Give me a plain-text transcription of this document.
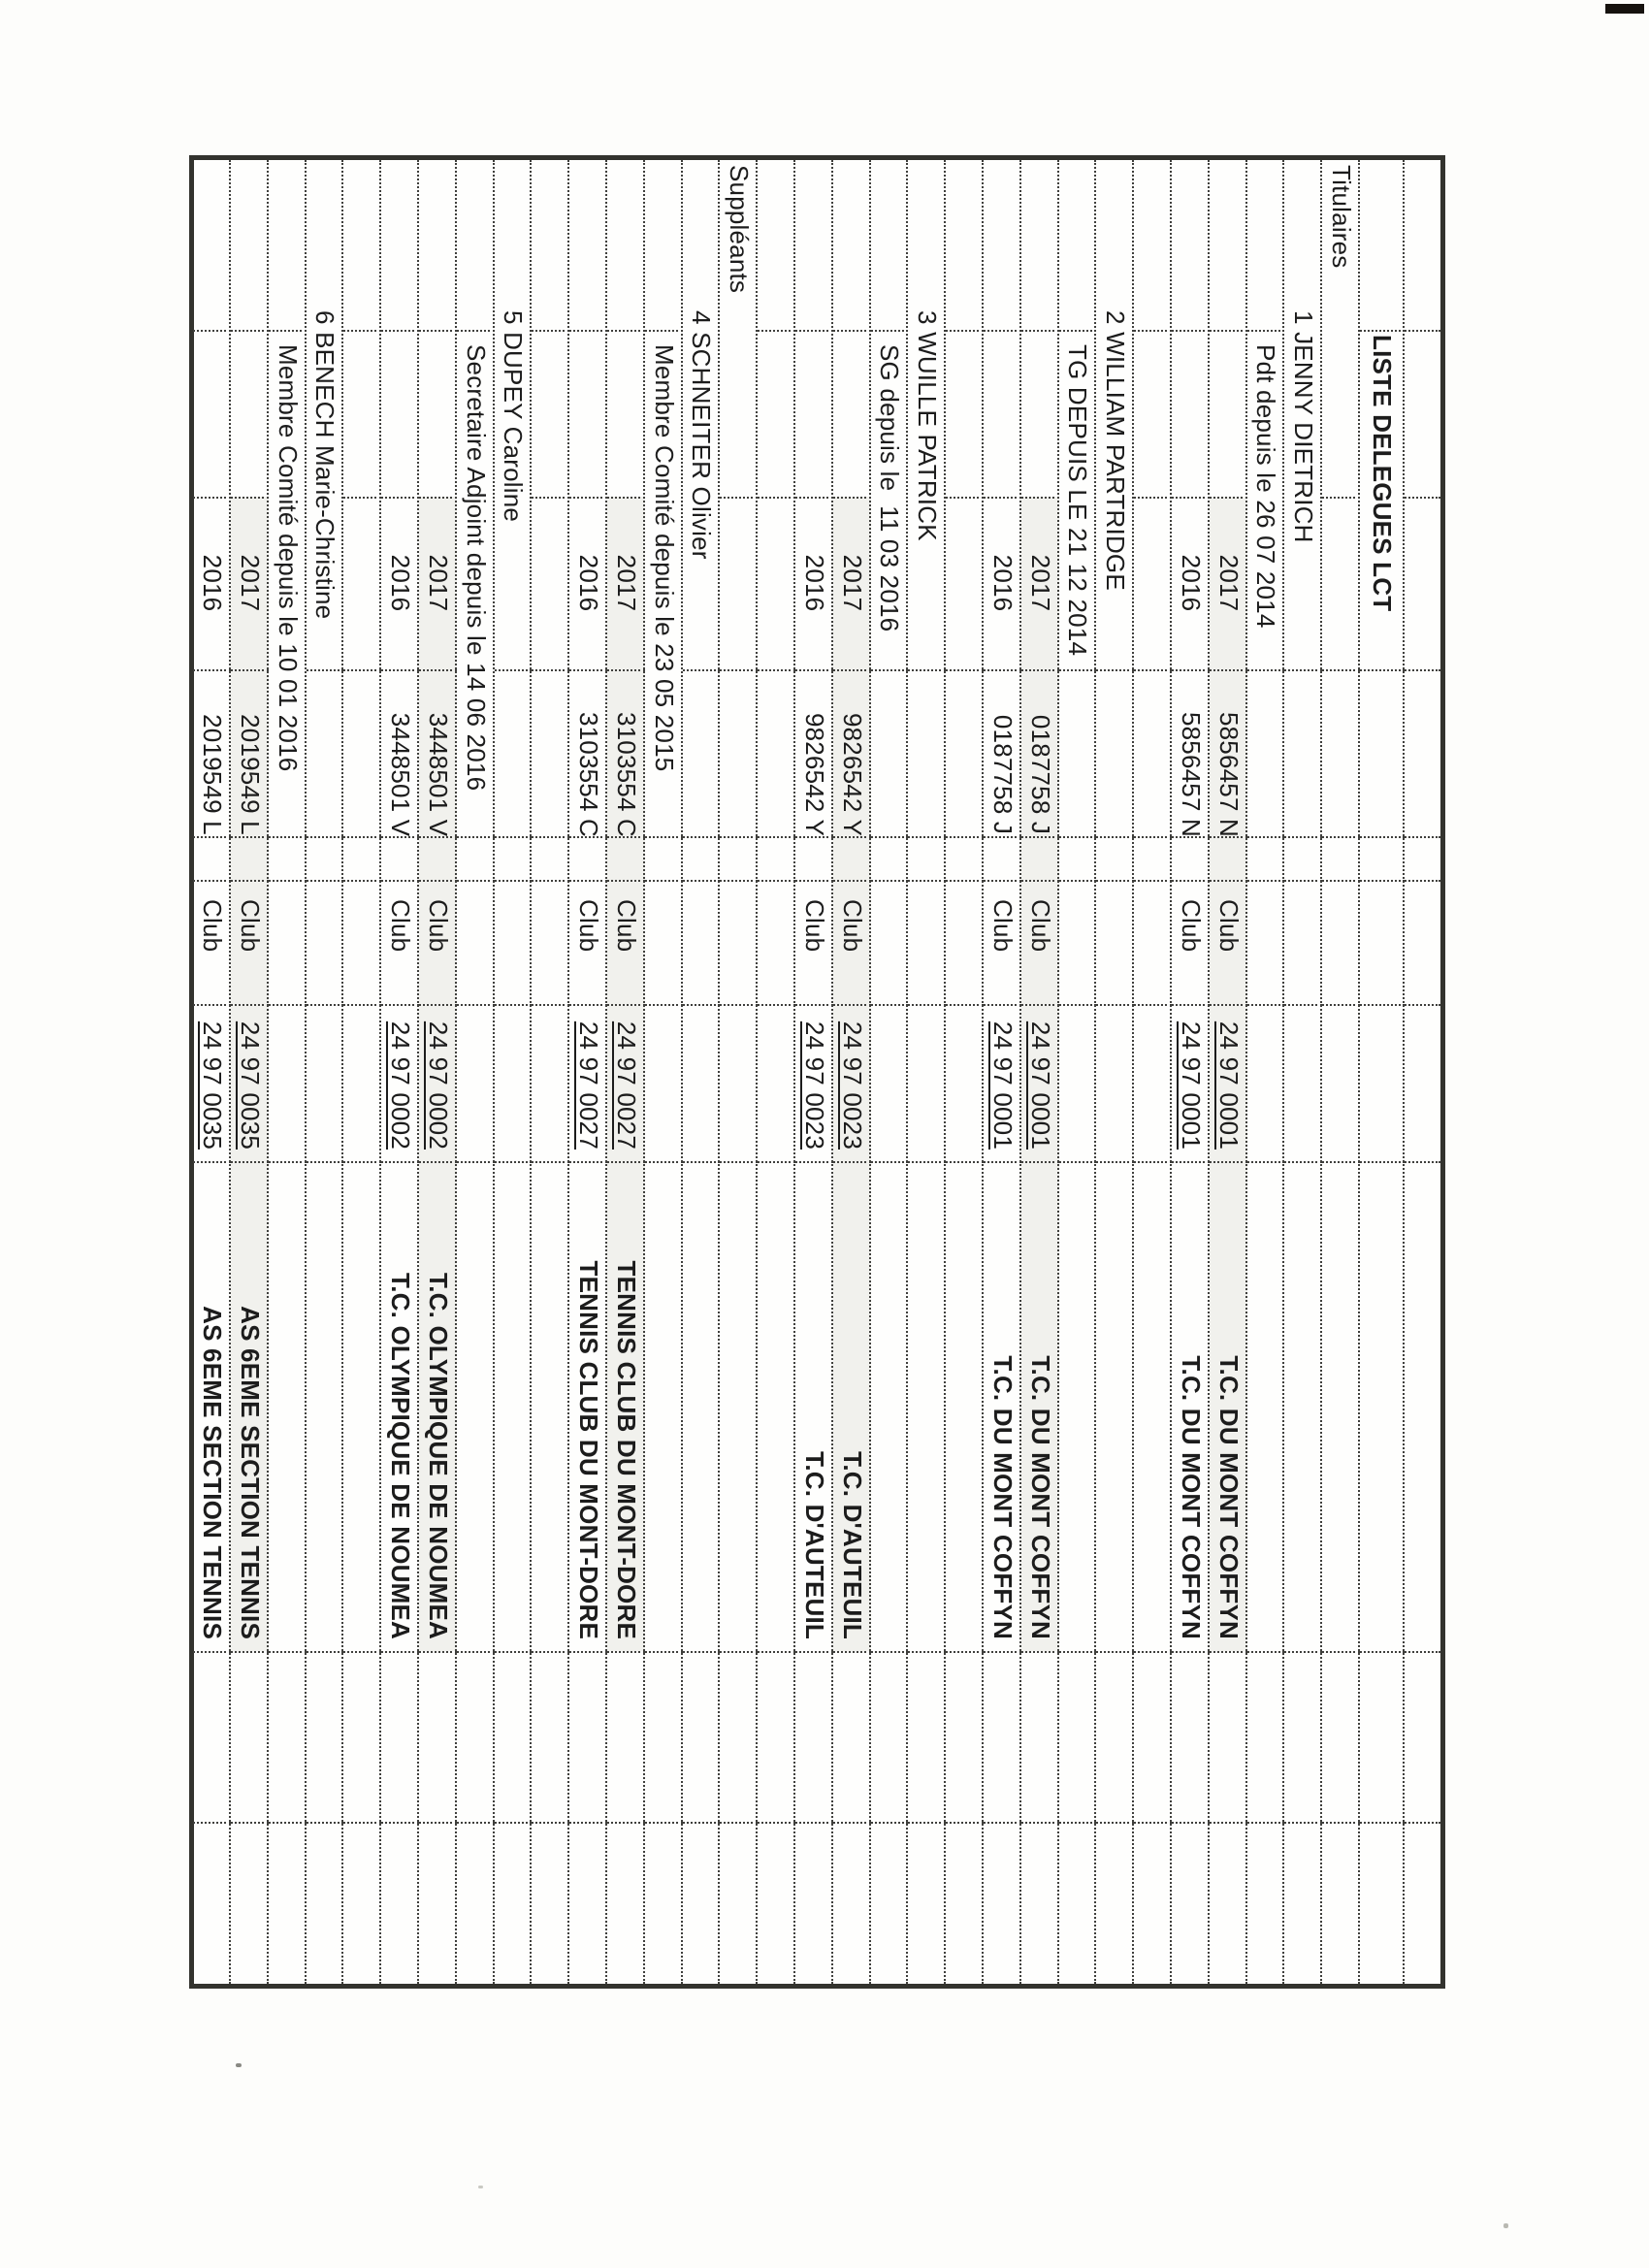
LISTE DELEGUES LCT
Titulaires
1 JENNY DIETRICH
Pdt depuis le 26 07 2014
2017
5856457 N
Club
24 97 0001
T.C. DU MONT COFFYN
2016
5856457 N
Club
24 97 0001
T.C. DU MONT COFFYN
2 WILLIAM PARTRIDGE
TG DEPUIS LE 21 12 2014
2017
0187758 J
Club
24 97 0001
T.C. DU MONT COFFYN
2016
0187758 J
Club
24 97 0001
T.C. DU MONT COFFYN
3 WUILLE PATRICK
SG depuis le  11 03 2016
2017
9826542 Y
Club
24 97 0023
T.C. D'AUTEUIL
2016
9826542 Y
Club
24 97 0023
T.C. D'AUTEUIL
Suppléants
4 SCHNEITER Olivier
Membre Comité depuis le 23 05 2015
2017
3103554 C
Club
24 97 0027
TENNIS CLUB DU MONT-DORE
2016
3103554 C
Club
24 97 0027
TENNIS CLUB DU MONT-DORE
5 DUPEY Caroline
Secretaire Adjoint depuis le 14 06 2016
2017
3448501 V
Club
24 97 0002
T.C. OLYMPIQUE DE NOUMEA
2016
3448501 V
Club
24 97 0002
T.C. OLYMPIQUE DE NOUMEA
6 BENECH Marie-Christine
Membre Comité depuis le 10 01 2016
2017
2019549 L
Club
24 97 0035
AS 6EME SECTION TENNIS
2016
2019549 L
Club
24 97 0035
AS 6EME SECTION TENNIS
